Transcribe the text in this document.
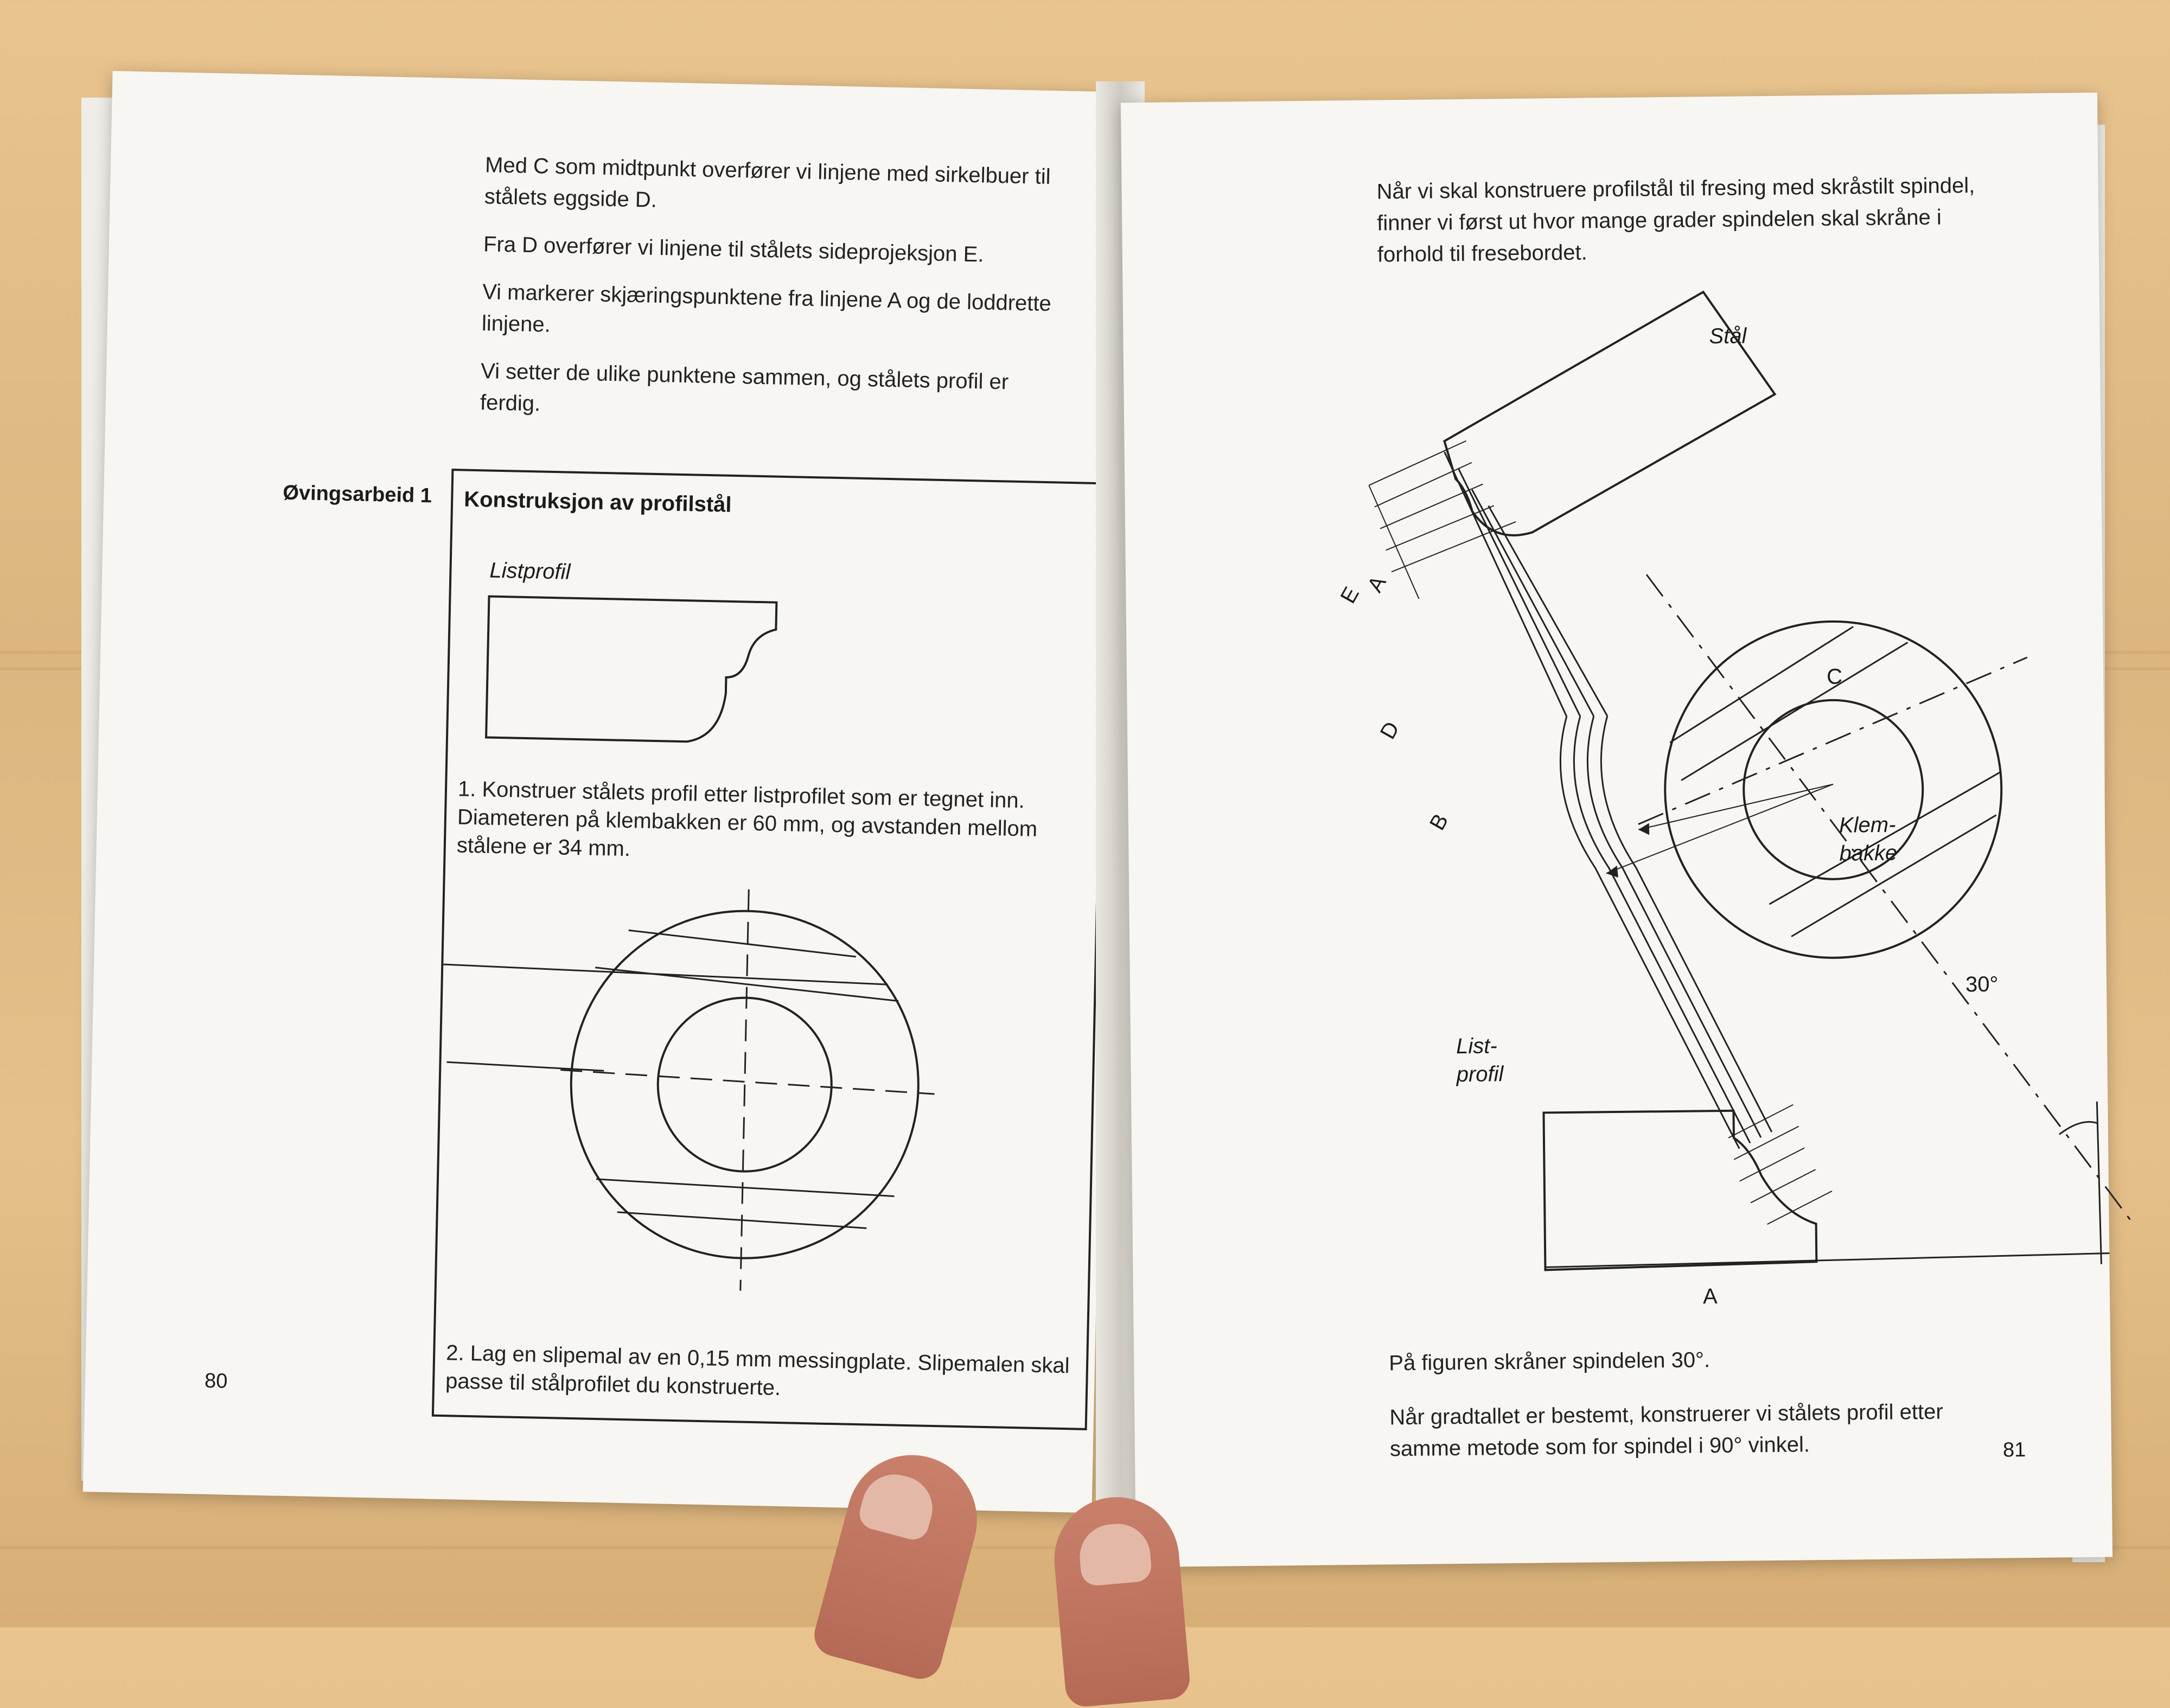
Med C som midtpunkt overfører vi linjene med sirkelbuer til stålets eggside D.

Fra D overfører vi linjene til stålets sideprojeksjon E.

Vi markerer skjæringspunktene fra linjene A og de loddrette linjene.

Vi setter de ulike punktene sammen, og stålets profil er ferdig.

Øvingsarbeid 1 Konstruksjon av profilstål
Listprofil
1. Konstruer stålets profil etter listprofilet som er tegnet inn. Diameteren på klembakken er 60 mm, og avstanden mellom stålene er 34 mm.
2. Lag en slipemal av en 0,15 mm messingplate. Slipemalen skal passe til stålprofilet du konstruerte.
80
Når vi skal konstruere profilstål til fresing med skråstilt spindel, finner vi først ut hvor mange grader spindelen skal skråne i forhold til fresebordet.
Stål
E
A
D
B
C
Klem-bakke
30°
List-profil
A
På figuren skråner spindelen 30°.
Når gradtallet er bestemt, konstruerer vi stålets profil etter samme metode som for spindel i 90° vinkel.	81
